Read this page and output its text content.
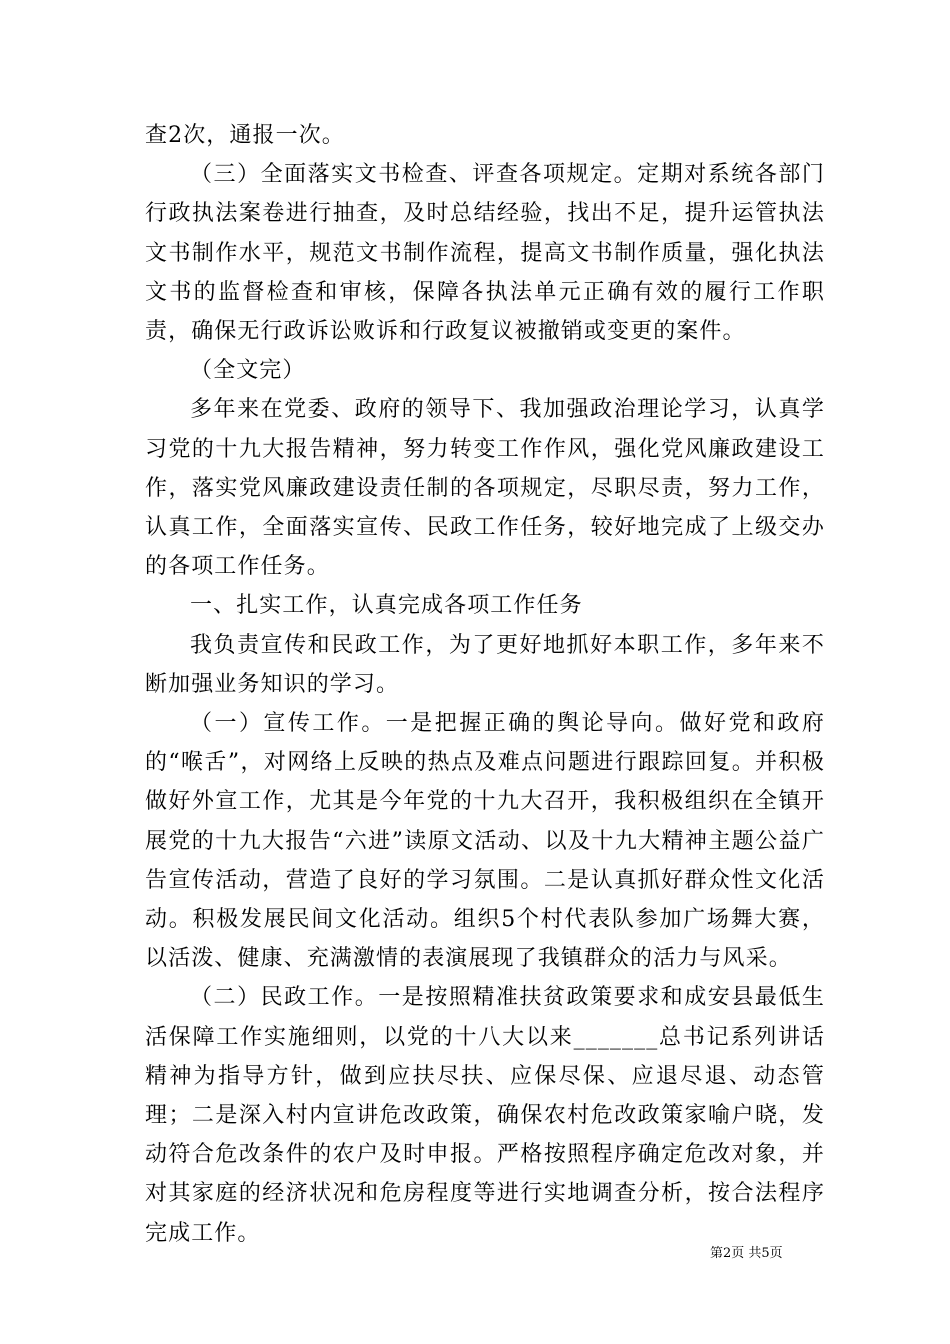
查2次，通报一次。

（三）全面落实文书检查、评查各项规定。定期对系统各部门行政执法案卷进行抽查，及时总结经验，找出不足，提升运管执法文书制作水平，规范文书制作流程，提高文书制作质量，强化执法文书的监督检查和审核，保障各执法单元正确有效的履行工作职责，确保无行政诉讼败诉和行政复议被撤销或变更的案件。

（全文完）

多年来在党委、政府的领导下、我加强政治理论学习，认真学习党的十九大报告精神，努力转变工作作风，强化党风廉政建设工作，落实党风廉政建设责任制的各项规定，尽职尽责，努力工作，认真工作，全面落实宣传、民政工作任务，较好地完成了上级交办的各项工作任务。

一、扎实工作，认真完成各项工作任务

我负责宣传和民政工作，为了更好地抓好本职工作，多年来不断加强业务知识的学习。

（一）宣传工作。一是把握正确的舆论导向。做好党和政府的“喉舌”，对网络上反映的热点及难点问题进行跟踪回复。并积极做好外宣工作，尤其是今年党的十九大召开，我积极组织在全镇开展党的十九大报告“六进”读原文活动、以及十九大精神主题公益广告宣传活动，营造了良好的学习氛围。二是认真抓好群众性文化活动。积极发展民间文化活动。组织5个村代表队参加广场舞大赛，以活泼、健康、充满激情的表演展现了我镇群众的活力与风采。

（二）民政工作。一是按照精准扶贫政策要求和成安县最低生活保障工作实施细则，以党的十八大以来_______总书记系列讲话精神为指导方针，做到应扶尽扶、应保尽保、应退尽退、动态管理；二是深入村内宣讲危改政策，确保农村危改政策家喻户晓，发动符合危改条件的农户及时申报。严格按照程序确定危改对象，并对其家庭的经济状况和危房程度等进行实地调查分析，按合法程序完成工作。

第2页 共5页
